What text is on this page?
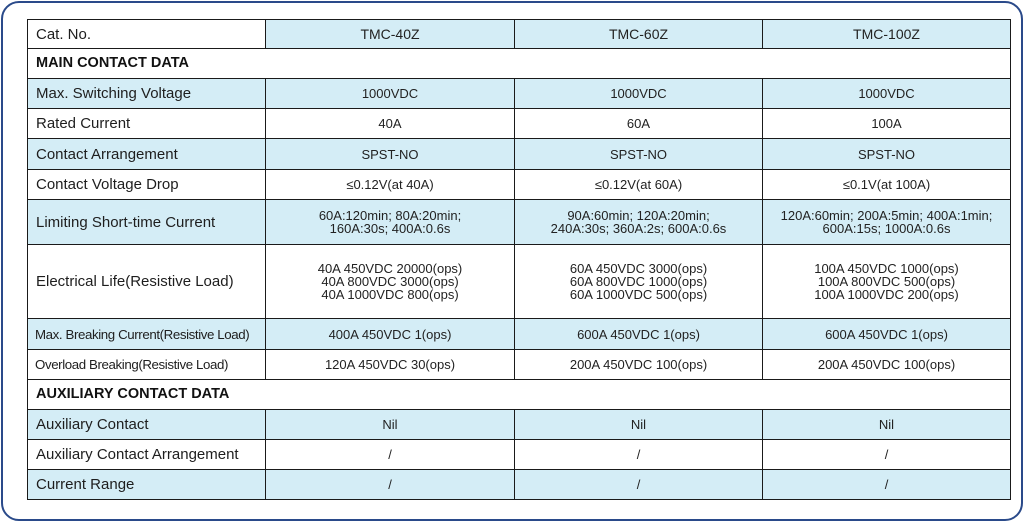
Cat. No.	TMC-40Z	TMC-60Z	TMC-100Z
MAIN CONTACT DATA			
Max. Switching Voltage	1000VDC	1000VDC	1000VDC
Rated Current	40A	60A	100A
Contact Arrangement	SPST-NO	SPST-NO	SPST-NO
Contact Voltage Drop	≤0.12V(at 40A)	≤0.12V(at 60A)	≤0.1V(at 100A)
Limiting Short-time Current	60A:120min; 80A:20min;
160A:30s; 400A:0.6s	90A:60min; 120A:20min;
240A:30s; 360A:2s; 600A:0.6s	120A:60min; 200A:5min; 400A:1min;
600A:15s; 1000A:0.6s

Electrical Life(Resistive Load)	40A 450VDC 20000(ops)
40A 800VDC 3000(ops)
40A 1000VDC 800(ops)	60A 450VDC 3000(ops)
60A 800VDC 1000(ops)
60A 1000VDC 500(ops)	100A 450VDC 1000(ops)
100A 800VDC 500(ops)
100A 1000VDC 200(ops)

Max. Breaking Current(Resistive Load)	400A 450VDC 1(ops)	600A 450VDC 1(ops)	600A 450VDC 1(ops)
Overload Breaking(Resistive Load)	120A 450VDC 30(ops)	200A 450VDC 100(ops)	200A 450VDC 100(ops)
AUXILIARY CONTACT DATA			
Auxiliary Contact	Nil	Nil	Nil
Auxiliary Contact Arrangement	/	/	/
Current Range	/	/	/
